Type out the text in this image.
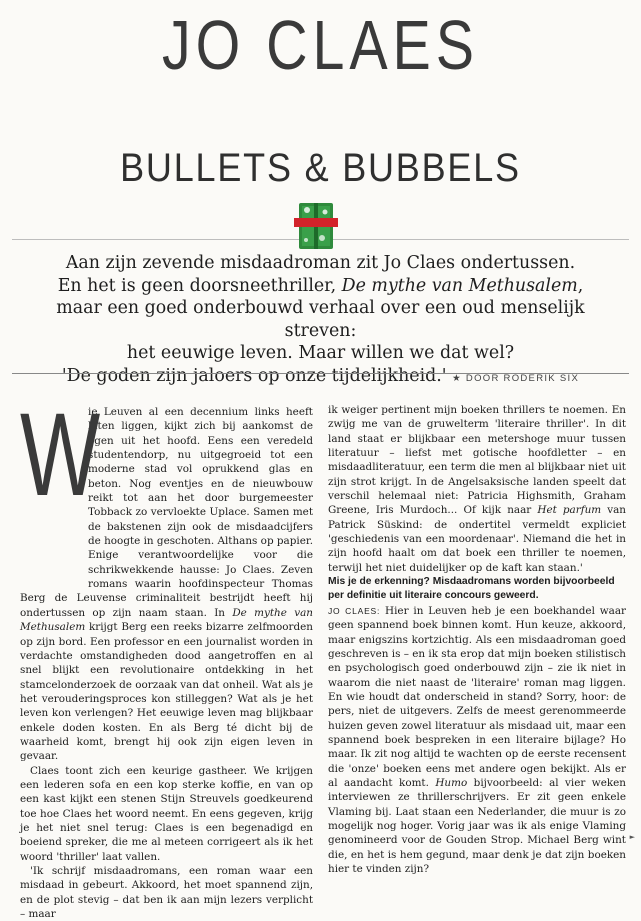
JO CLAES
BULLETS & BUBBELS

Aan zijn zevende misdaadroman zit Jo Claes ondertussen.

En het is geen doorsneethriller, De mythe van Methusalem,

maar een goed onderbouwd verhaal over een oud menselijk streven:

het eeuwige leven. Maar willen we dat wel?

'De goden zijn jaloers op onze tijdelijkheid.' ★ DOOR RODERIK SIX

W
ie Leuven al een decennium links heeft laten liggen, kijkt zich bij aankomst de ogen uit het hoofd. Eens een veredeld studentendorp, nu uitgegroeid tot een moderne stad vol oprukkend glas en beton. Nog eventjes en de nieuwbouw reikt tot aan het door burgemeester Tobback zo vervloekte Uplace. Samen met de bakstenen zijn ook de misdaadcijfers de hoogte in geschoten. Althans op papier. Enige verantwoordelijke voor die schrikwekkende hausse: Jo Claes. Zeven romans waarin hoofdinspecteur Thomas Berg de Leuvense criminaliteit bestrijdt heeft hij ondertussen op zijn naam staan. In De mythe van Methusalem krijgt Berg een reeks bizarre zelfmoorden op zijn bord. Een professor en een journalist worden in verdachte omstandigheden dood aangetroffen en al snel blijkt een revolutionaire ontdekking in het stamcelonderzoek de oorzaak van dat onheil. Wat als je het verouderingsproces kon stilleggen? Wat als je het leven kon verlengen? Het eeuwige leven mag blijkbaar enkele doden kosten. En als Berg té dicht bij de waarheid komt, brengt hij ook zijn eigen leven in gevaar.

Claes toont zich een keurige gastheer. We krijgen een lederen sofa en een kop sterke koffie, en van op een kast kijkt een stenen Stijn Streuvels goedkeurend toe hoe Claes het woord neemt. En eens gegeven, krijg je het niet snel terug: Claes is een begenadigd en boeiend spreker, die me al meteen corrigeert als ik het woord 'thriller' laat vallen.

'Ik schrijf misdaadromans, een roman waar een misdaad in gebeurt. Akkoord, het moet spannend zijn, en de plot stevig – dat ben ik aan mijn lezers verplicht – maar

ik weiger pertinent mijn boeken thrillers te noemen. En zwijg me van de gruwelterm 'literaire thriller'. In dit land staat er blijkbaar een metershoge muur tussen literatuur – liefst met gotische hoofdletter – en misdaadliteratuur, een term die men al blijkbaar niet uit zijn strot krijgt. In de Angelsaksische landen speelt dat verschil helemaal niet: Patricia Highsmith, Graham Greene, Iris Murdoch... Of kijk naar Het parfum van Patrick Süskind: de ondertitel vermeldt expliciet 'geschiedenis van een moordenaar'. Niemand die het in zijn hoofd haalt om dat boek een thriller te noemen, terwijl het niet duidelijker op de kaft kan staan.'

Mis je de erkenning? Misdaadromans worden bijvoorbeeld per definitie uit literaire concours geweerd.

JO CLAES: Hier in Leuven heb je een boekhandel waar geen spannend boek binnen komt. Hun keuze, akkoord, maar enigszins kortzichtig. Als een misdaadroman goed geschreven is – en ik sta erop dat mijn boeken stilistisch en psychologisch goed onderbouwd zijn – zie ik niet in waarom die niet naast de 'literaire' roman mag liggen. En wie houdt dat onderscheid in stand? Sorry, hoor: de pers, niet de uitgevers. Zelfs de meest gerenommeerde huizen geven zowel literatuur als misdaad uit, maar een spannend boek bespreken in een literaire bijlage? Ho maar. Ik zit nog altijd te wachten op de eerste recensent die 'onze' boeken eens met andere ogen bekijkt. Als er al aandacht komt. Humo bijvoorbeeld: al vier weken interviewen ze thrillerschrijvers. Er zit geen enkele Vlaming bij. Laat staan een Nederlander, die muur is zo mogelijk nog hoger. Vorig jaar was ik als enige Vlaming genomineerd voor de Gouden Strop. Michael Berg wint die, en het is hem gegund, maar denk je dat zijn boeken hier te vinden zijn?

►
